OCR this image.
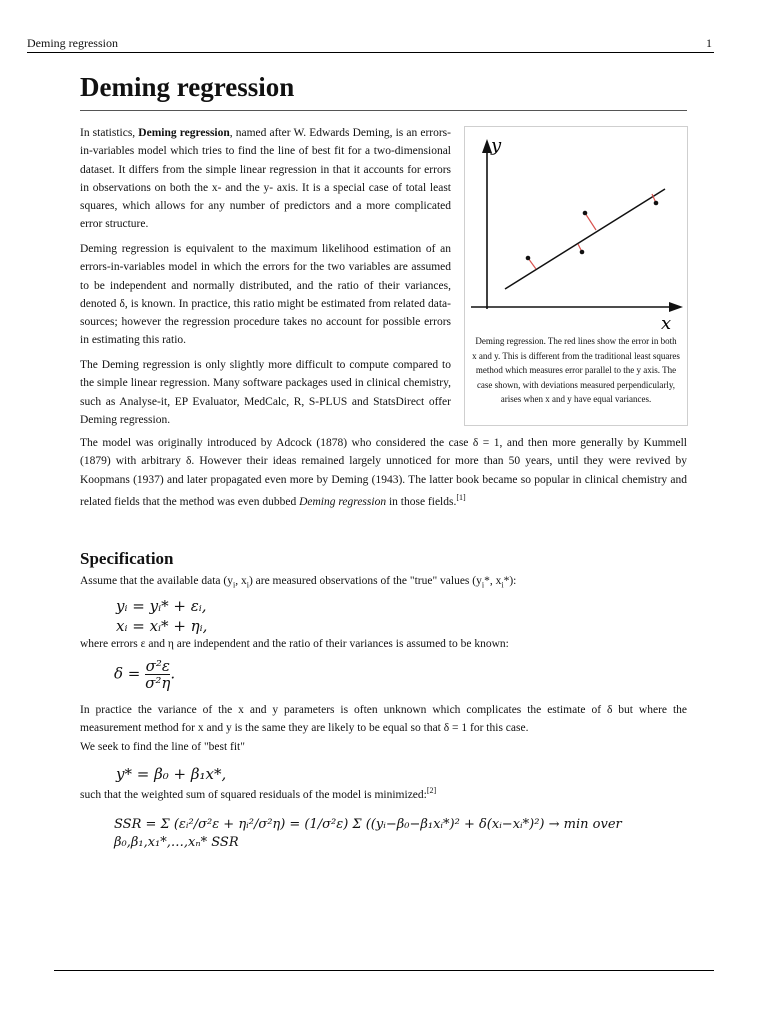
Deming regression	1
Deming regression
In statistics, Deming regression, named after W. Edwards Deming, is an errors-in-variables model which tries to find the line of best fit for a two-dimensional dataset. It differs from the simple linear regression in that it accounts for errors in observations on both the x- and the y- axis. It is a special case of total least squares, which allows for any number of predictors and a more complicated error structure.
Deming regression is equivalent to the maximum likelihood estimation of an errors-in-variables model in which the errors for the two variables are assumed to be independent and normally distributed, and the ratio of their variances, denoted δ, is known. In practice, this ratio might be estimated from related data-sources; however the regression procedure takes no account for possible errors in estimating this ratio.
The Deming regression is only slightly more difficult to compute compared to the simple linear regression. Many software packages used in clinical chemistry, such as Analyse-it, EP Evaluator, MedCalc, R, S-PLUS and StatsDirect offer Deming regression.
y
x
Deming regression. The red lines show the error in both x and y. This is different from the traditional least squares method which measures error parallel to the y axis. The case shown, with deviations measured perpendicularly, arises when x and y have equal variances.
The model was originally introduced by Adcock (1878) who considered the case δ = 1, and then more generally by Kummell (1879) with arbitrary δ. However their ideas remained largely unnoticed for more than 50 years, until they were revived by Koopmans (1937) and later propagated even more by Deming (1943). The latter book became so popular in clinical chemistry and related fields that the method was even dubbed Deming regression in those fields.[1]
Specification
Assume that the available data ($y_i$, $x_i$) are measured observations of the "true" values ($y_i*$, $x_i*$):
yᵢ = yᵢ* + εᵢ,
xᵢ = xᵢ* + ηᵢ,
where errors ε and η are independent and the ratio of their variances is assumed to be known:
$\delta = \frac{\text{σ²ε}}{\text{σ²η}}$ .
In practice the variance of the x and y parameters is often unknown which complicates the estimate of δ but where the measurement method for x and y is the same they are likely to be equal so that δ = 1 for this case.
We seek to find the line of "best fit"
y* = β₀ + β₁x*,
such that the weighted sum of squared residuals of the model is minimized:[2]
SSR = Σ (εᵢ²/σ²ε + ηᵢ²/σ²η) = (1/σ²ε) Σ ((yᵢ−β₀−β₁xᵢ*)² + δ(xᵢ−xᵢ*)²) → min over β₀,β₁,x₁*,…,xₙ* SSR
